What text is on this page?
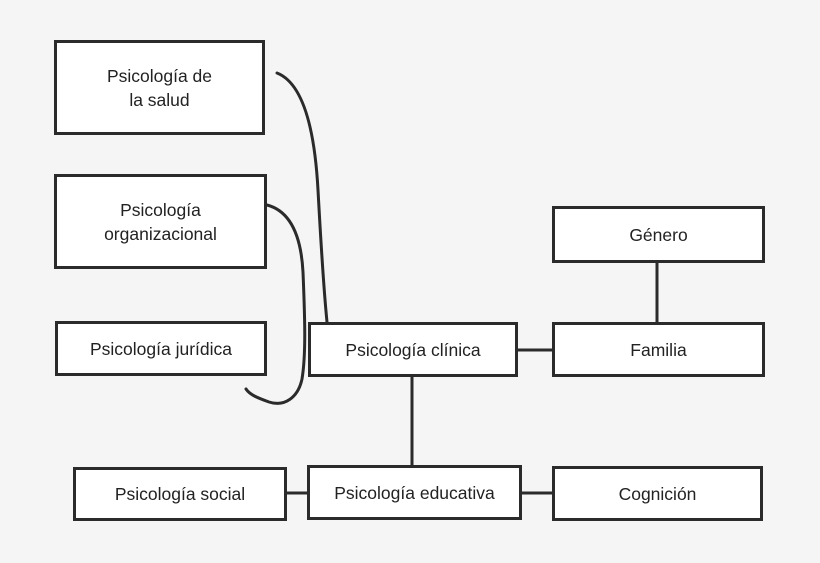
Psicología de
la salud
Psicología
organizacional
Psicología jurídica	Psicología clínica
Género
Familia
Psicología social	Psicología educativa	Cognición
